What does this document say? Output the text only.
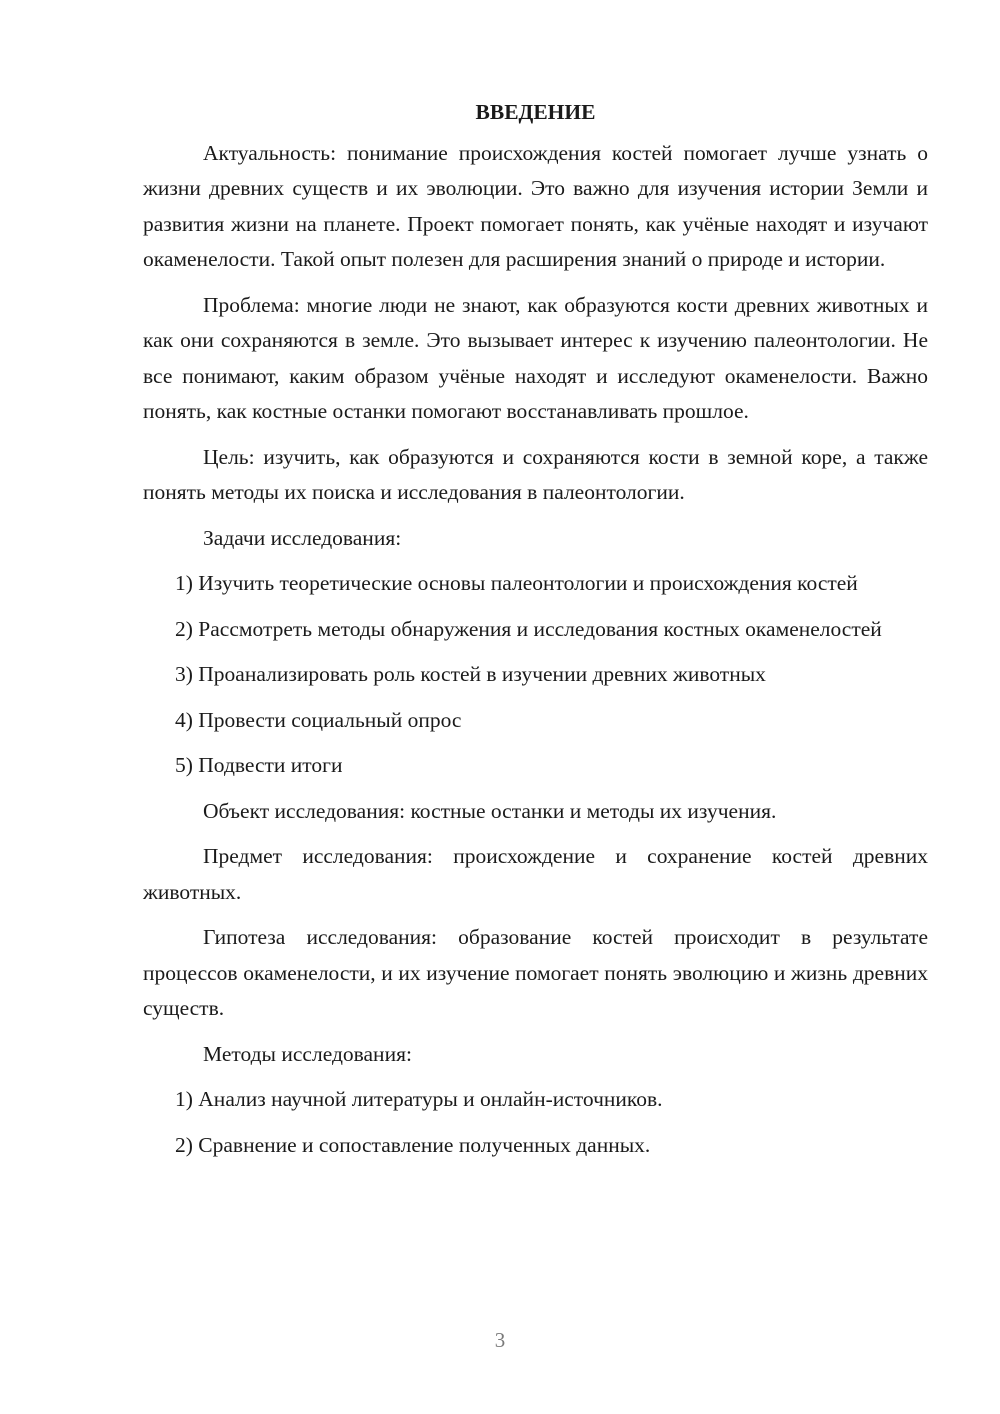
ВВЕДЕНИЕ

Актуальность: понимание происхождения костей помогает лучше узнать о жизни древних существ и их эволюции. Это важно для изучения истории Земли и развития жизни на планете. Проект помогает понять, как учёные находят и изучают окаменелости. Такой опыт полезен для расширения знаний о природе и истории.

Проблема: многие люди не знают, как образуются кости древних животных и как они сохраняются в земле. Это вызывает интерес к изучению палеонтологии. Не все понимают, каким образом учёные находят и исследуют окаменелости. Важно понять, как костные останки помогают восстанавливать прошлое.

Цель: изучить, как образуются и сохраняются кости в земной коре, а также понять методы их поиска и исследования в палеонтологии.

Задачи исследования:

1) Изучить теоретические основы палеонтологии и происхождения костей

2) Рассмотреть методы обнаружения и исследования костных окаменелостей

3) Проанализировать роль костей в изучении древних животных

4) Провести социальный опрос

5) Подвести итоги

Объект исследования: костные останки и методы их изучения.

Предмет исследования: происхождение и сохранение костей древних животных.

Гипотеза исследования: образование костей происходит в результате процессов окаменелости, и их изучение помогает понять эволюцию и жизнь древних существ.

Методы исследования:

1) Анализ научной литературы и онлайн-источников.

2) Сравнение и сопоставление полученных данных.

3
